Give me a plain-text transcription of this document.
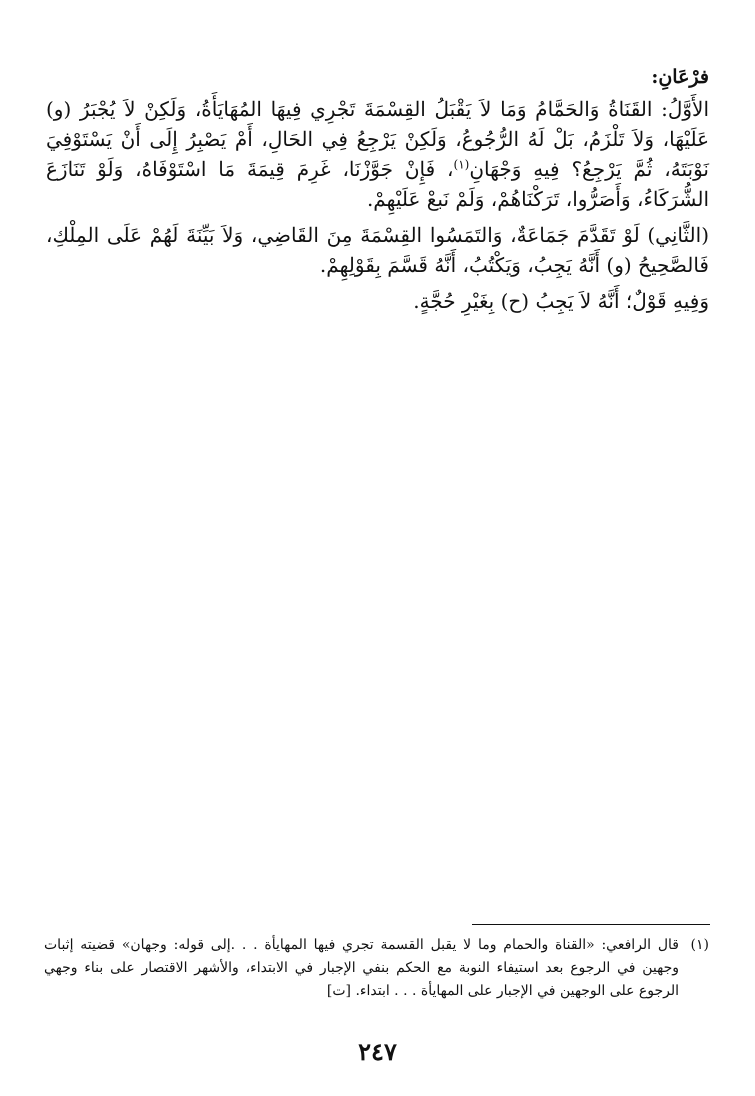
فرْعَانِ:

الأَوَّلُ: القَنَاةُ وَالحَمَّامُ وَمَا لاَ يَقْبَلُ القِسْمَةَ تَجْرِي فِيهَا المُهَايَأَةُ، وَلَكِنْ لاَ يُجْبَرُ (و) عَلَيْهَا، وَلاَ تَلْزَمُ، بَلْ لَهُ الرُّجُوعُ، وَلَكِنْ يَرْجِعُ فِي الحَالِ، أَمْ يَصْبِرُ إِلَى أَنْ يَسْتَوْفِيَ نَوْبَتَهُ، ثُمَّ يَرْجِعُ؟ فِيهِ وَجْهَانِ$^{(١)}$، فَإِنْ جَوَّزْنَا، غَرِمَ قِيمَةَ مَا اسْتَوْفَاهُ، وَلَوْ تَنَازَعَ الشُّرَكَاءُ، وَأَصَرُّوا، تَرَكْنَاهُمْ، وَلَمْ نَبعْ عَلَيْهِمْ.

(الثَّانِي) لَوْ تَقَدَّمَ جَمَاعَةٌ، وَالتَمَسُوا القِسْمَةَ مِنَ القَاضِي، وَلاَ بَيِّنَةَ لَهُمْ عَلَى المِلْكِ، فَالصَّحِيحُ (و) أَنَّهُ يَجِبُ، وَيَكْتُبُ، أَنَّهُ قَسَّمَ بِقَوْلِهِمْ.

وَفِيهِ قَوْلٌ؛ أَنَّهُ لاَ يَجِبُ (ح) بِغَيْرِ حُجَّةٍ.

(١)
قال الرافعي: «القناة والحمام وما لا يقبل القسمة تجري فيها المهايأة . . .إلى قوله: وجهان» قضيته إثبات وجهين في الرجوع بعد استيفاء النوبة مع الحكم بنفي الإجبار في الابتداء، والأشهر الاقتصار على بناء وجهي الرجوع على الوجهين في الإجبار على المهايأة . . . ابتداء. [ت]
٢٤٧
